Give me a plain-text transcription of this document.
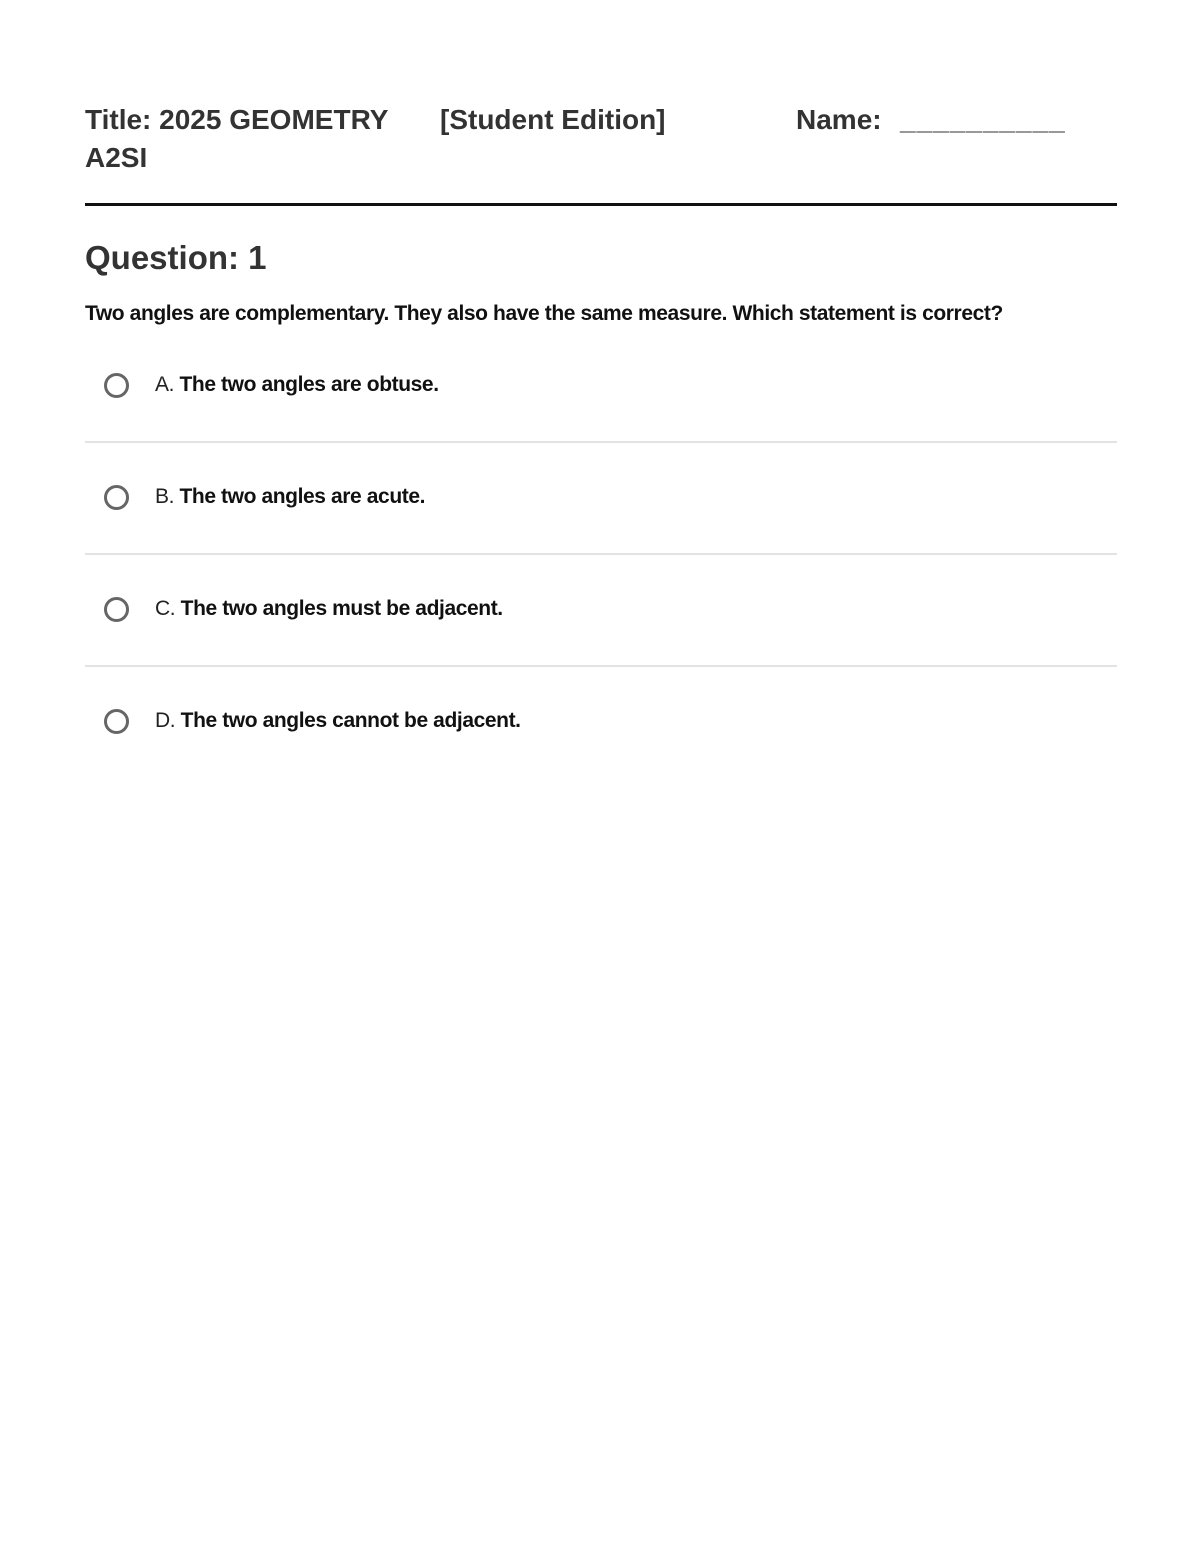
Title: 2025 GEOMETRY A2SI
[Student Edition]	Name: __________
Question: 1
Two angles are complementary. They also have the same measure. Which statement is correct?
A. The two angles are obtuse.
B. The two angles are acute.
C. The two angles must be adjacent.
D. The two angles cannot be adjacent.
